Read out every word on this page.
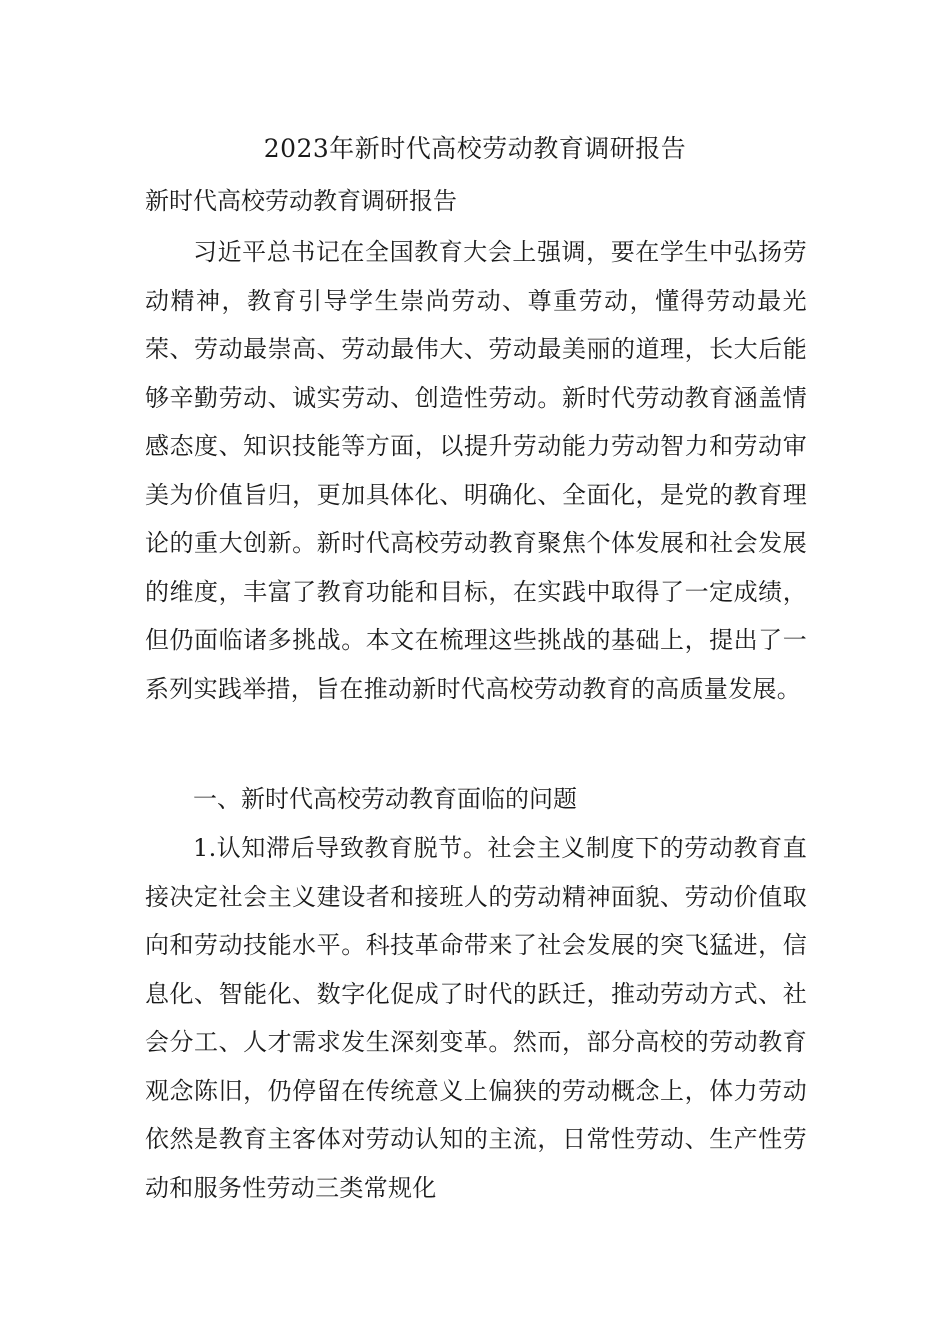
2023年新时代高校劳动教育调研报告

新时代高校劳动教育调研报告

习近平总书记在全国教育大会上强调，要在学生中弘扬劳动精神，教育引导学生崇尚劳动、尊重劳动，懂得劳动最光荣、劳动最崇高、劳动最伟大、劳动最美丽的道理，长大后能够辛勤劳动、诚实劳动、创造性劳动。新时代劳动教育涵盖情感态度、知识技能等方面，以提升劳动能力劳动智力和劳动审美为价值旨归，更加具体化、明确化、全面化，是党的教育理论的重大创新。新时代高校劳动教育聚焦个体发展和社会发展的维度，丰富了教育功能和目标，在实践中取得了一定成绩，但仍面临诸多挑战。本文在梳理这些挑战的基础上，提出了一系列实践举措，旨在推动新时代高校劳动教育的高质量发展。

一、新时代高校劳动教育面临的问题

1.认知滞后导致教育脱节。社会主义制度下的劳动教育直接决定社会主义建设者和接班人的劳动精神面貌、劳动价值取向和劳动技能水平。科技革命带来了社会发展的突飞猛进，信息化、智能化、数字化促成了时代的跃迁，推动劳动方式、社会分工、人才需求发生深刻变革。然而，部分高校的劳动教育观念陈旧，仍停留在传统意义上偏狭的劳动概念上，体力劳动依然是教育主客体对劳动认知的主流，日常性劳动、生产性劳动和服务性劳动三类常规化
